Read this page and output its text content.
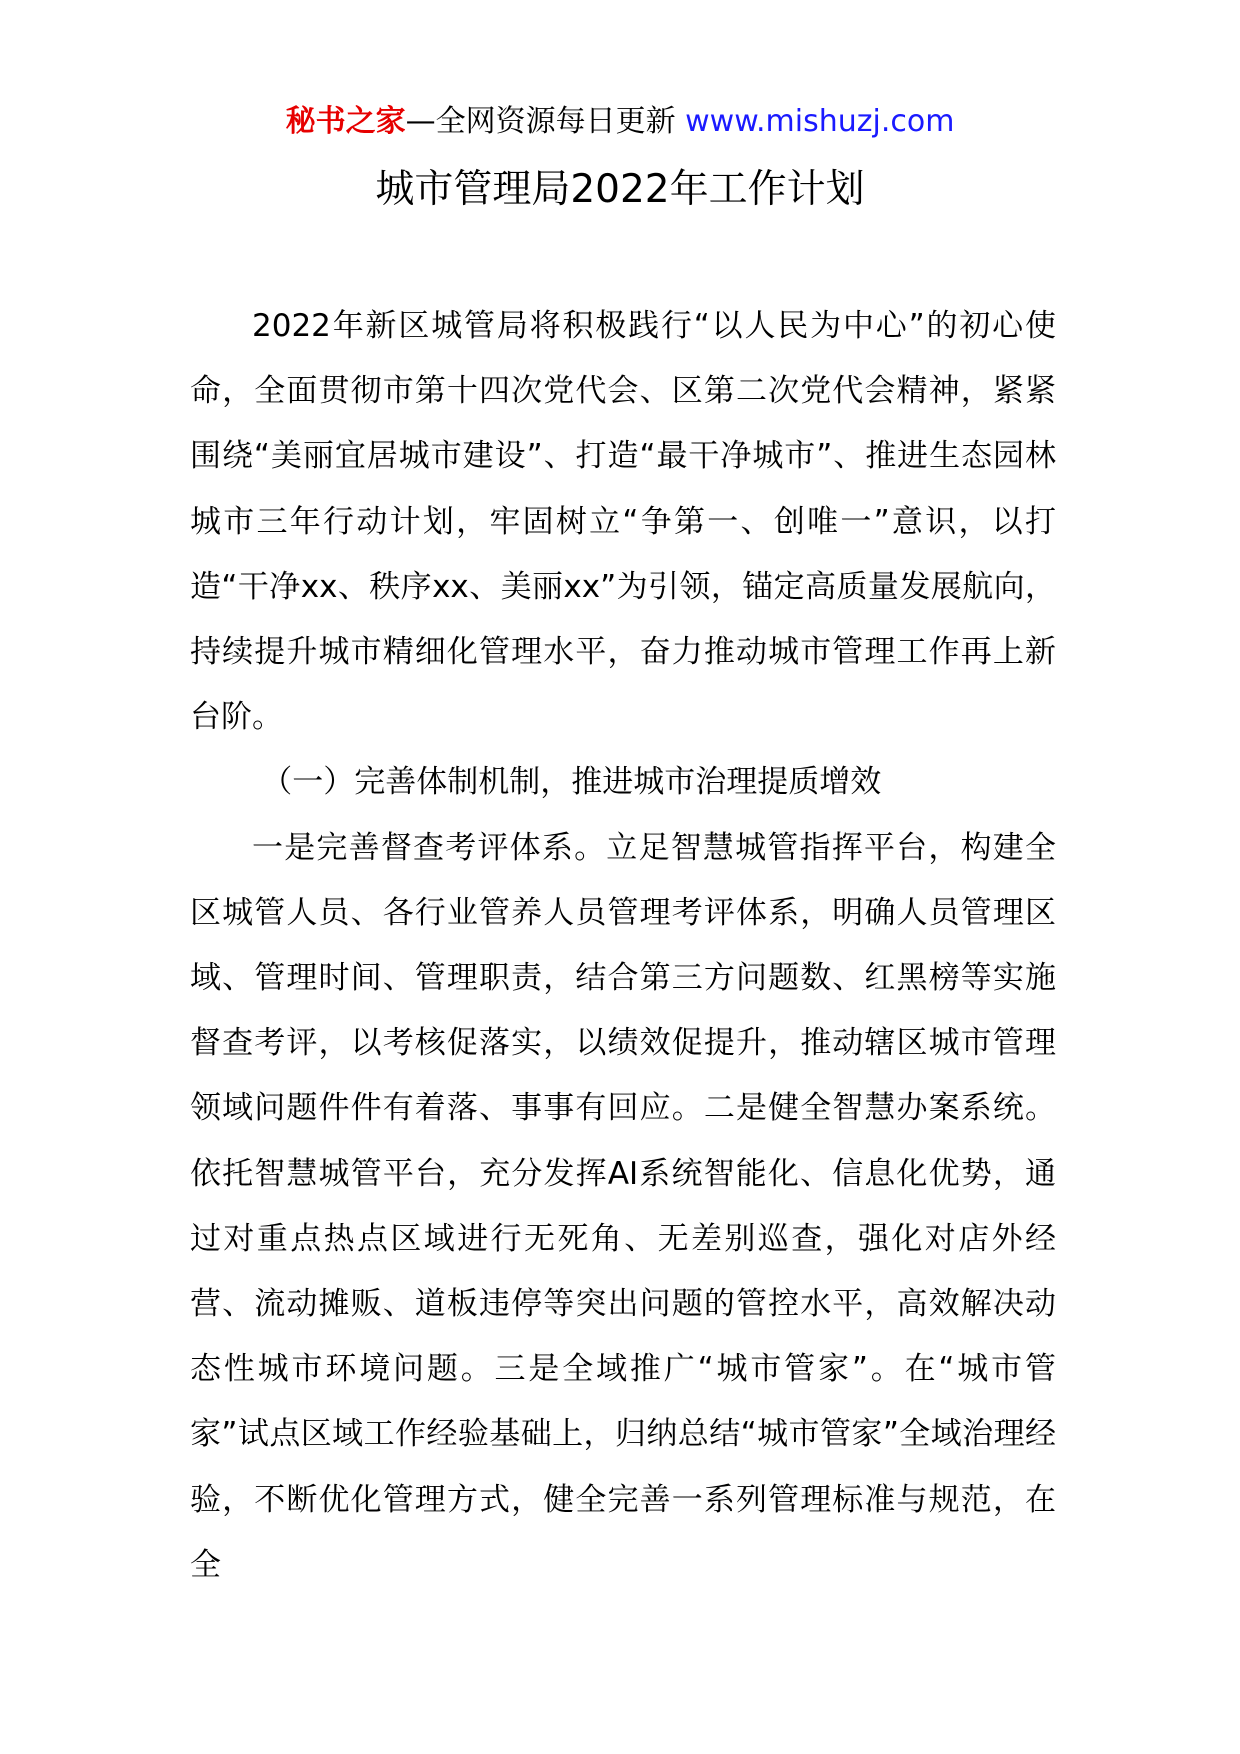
秘书之家—全网资源每日更新 www.mishuzj.com
城市管理局2022年工作计划

2022年新区城管局将积极践行“以人民为中心”的初心使命，全面贯彻市第十四次党代会、区第二次党代会精神，紧紧围绕“美丽宜居城市建设”、打造“最干净城市”、推进生态园林城市三年行动计划，牢固树立“争第一、创唯一”意识，以打造“干净xx、秩序xx、美丽xx”为引领，锚定高质量发展航向，持续提升城市精细化管理水平，奋力推动城市管理工作再上新台阶。

（一）完善体制机制，推进城市治理提质增效

一是完善督查考评体系。立足智慧城管指挥平台，构建全区城管人员、各行业管养人员管理考评体系，明确人员管理区域、管理时间、管理职责，结合第三方问题数、红黑榜等实施督查考评，以考核促落实，以绩效促提升，推动辖区城市管理领域问题件件有着落、事事有回应。二是健全智慧办案系统。依托智慧城管平台，充分发挥AI系统智能化、信息化优势，通过对重点热点区域进行无死角、无差别巡查，强化对店外经营、流动摊贩、道板违停等突出问题的管控水平，高效解决动态性城市环境问题。三是全域推广“城市管家”。在“城市管家”试点区域工作经验基础上，归纳总结“城市管家”全域治理经验，不断优化管理方式，健全完善一系列管理标准与规范，在全
